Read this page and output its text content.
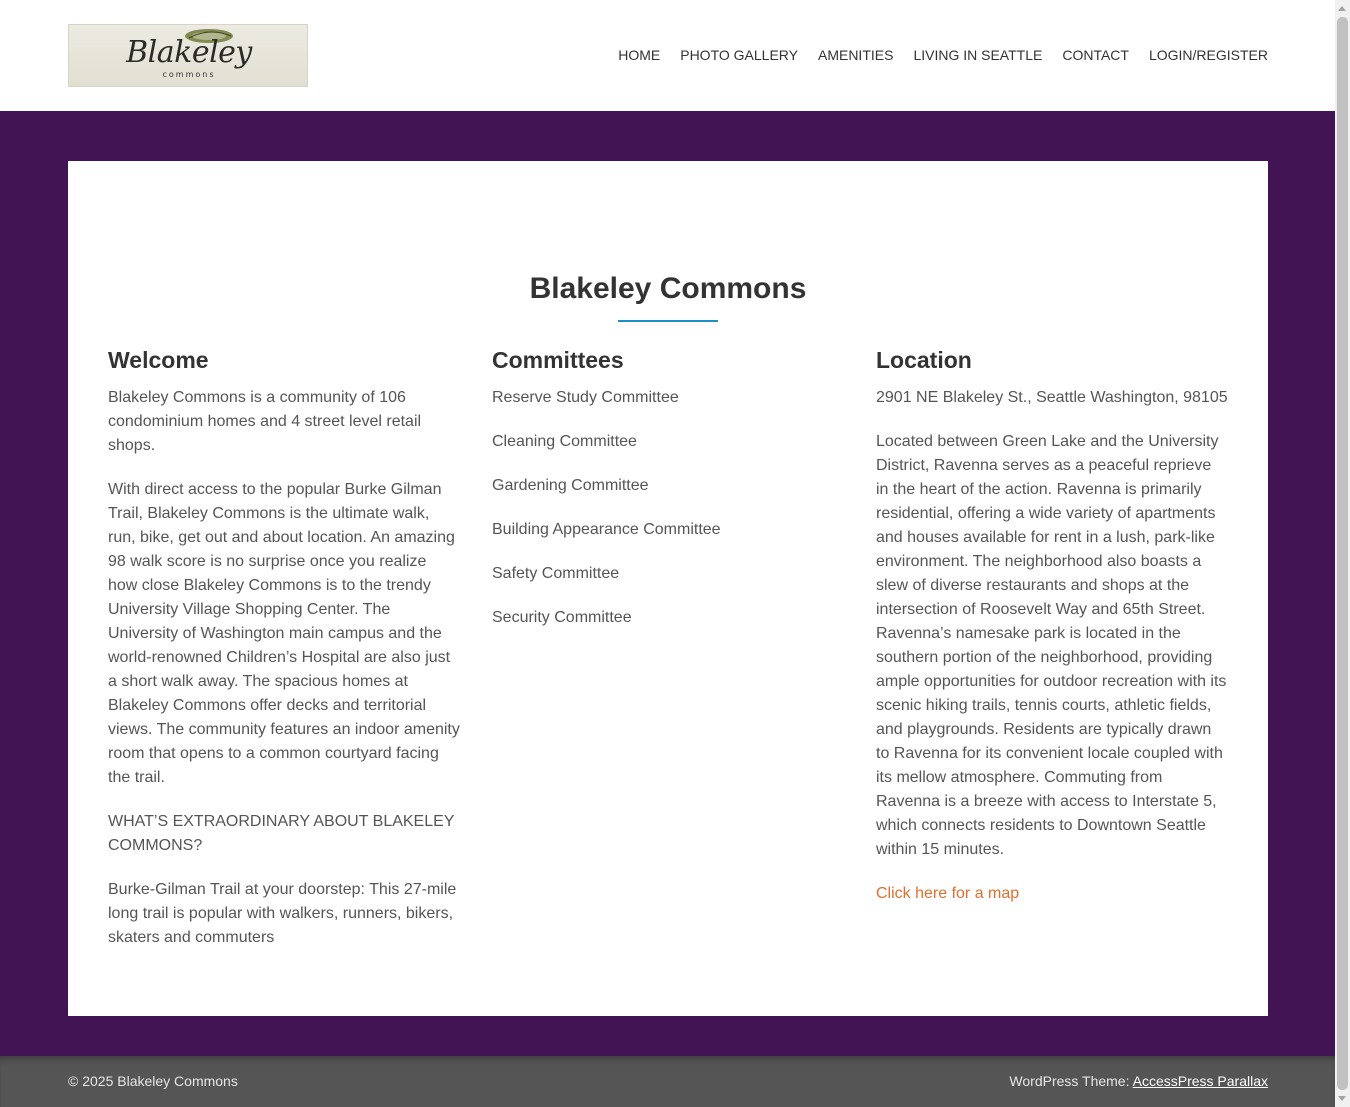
Blakeley
commons
HOME PHOTO GALLERY AMENITIES LIVING IN SEATTLE CONTACT LOGIN/REGISTER
Blakeley Commons
Welcome

Blakeley Commons is a community of 106 condominium homes and 4 street level retail shops.

With direct access to the popular Burke Gilman Trail, Blakeley Commons is the ultimate walk, run, bike, get out and about location. An amazing 98 walk score is no surprise once you realize how close Blakeley Commons is to the trendy University Village Shopping Center. The University of Washington main campus and the world-renowned Children’s Hospital are also just a short walk away. The spacious homes at Blakeley Commons offer decks and territorial views. The community features an indoor amenity room that opens to a common courtyard facing the trail.

WHAT’S EXTRAORDINARY ABOUT BLAKELEY COMMONS?

Burke-Gilman Trail at your doorstep: This 27-mile long trail is popular with walkers, runners, bikers, skaters and commuters

Committees
Reserve Study Committee
Cleaning Committee
Gardening Committee
Building Appearance Committee
Safety Committee
Security Committee
Location

2901 NE Blakeley St., Seattle Washington, 98105

Located between Green Lake and the University District, Ravenna serves as a peaceful reprieve in the heart of the action. Ravenna is primarily residential, offering a wide variety of apartments and houses available for rent in a lush, park-like environment. The neighborhood also boasts a slew of diverse restaurants and shops at the intersection of Roosevelt Way and 65th Street. Ravenna’s namesake park is located in the southern portion of the neighborhood, providing ample opportunities for outdoor recreation with its scenic hiking trails, tennis courts, athletic fields, and playgrounds. Residents are typically drawn to Ravenna for its convenient locale coupled with its mellow atmosphere. Commuting from Ravenna is a breeze with access to Interstate 5, which connects residents to Downtown Seattle within 15 minutes.

Click here for a map

© 2025 Blakeley Commons	WordPress Theme: AccessPress Parallax
